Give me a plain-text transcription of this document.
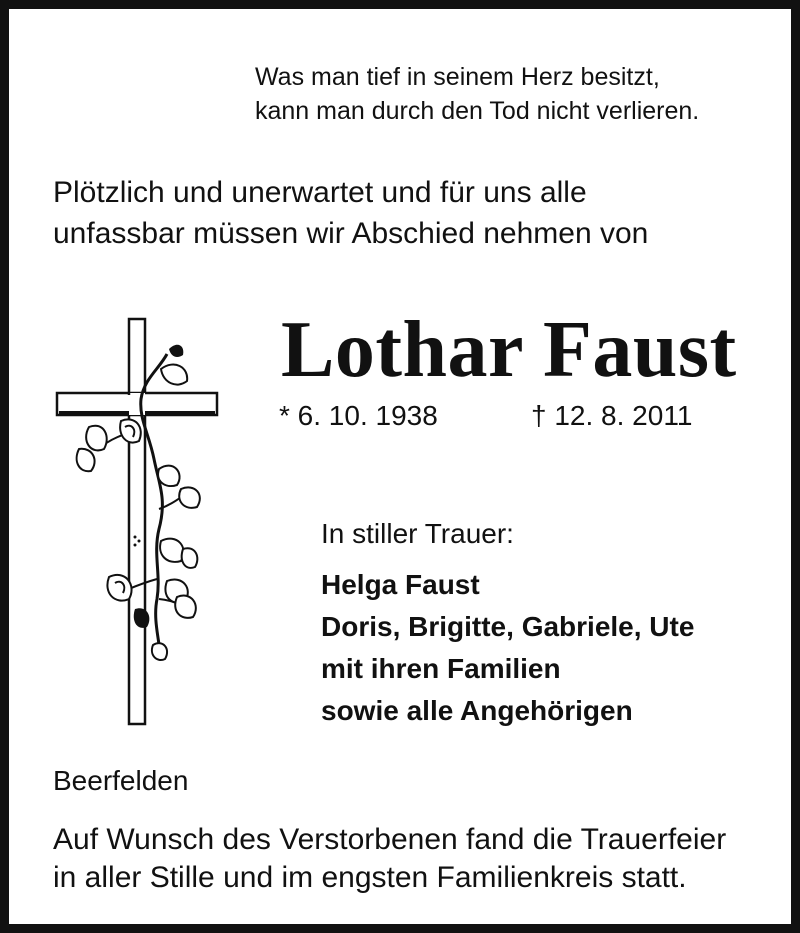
Was man tief in seinem Herz besitzt,
kann man durch den Tod nicht verlieren.
Plötzlich und unerwartet und für uns alle
unfassbar müssen wir Abschied nehmen von
Lothar Faust
* 6. 10. 1938	† 12. 8. 2011
In stiller Trauer:
Helga Faust
Doris, Brigitte, Gabriele, Ute
mit ihren Familien
sowie alle Angehörigen
Beerfelden
Auf Wunsch des Verstorbenen fand die Trauerfeier
in aller Stille und im engsten Familienkreis statt.
